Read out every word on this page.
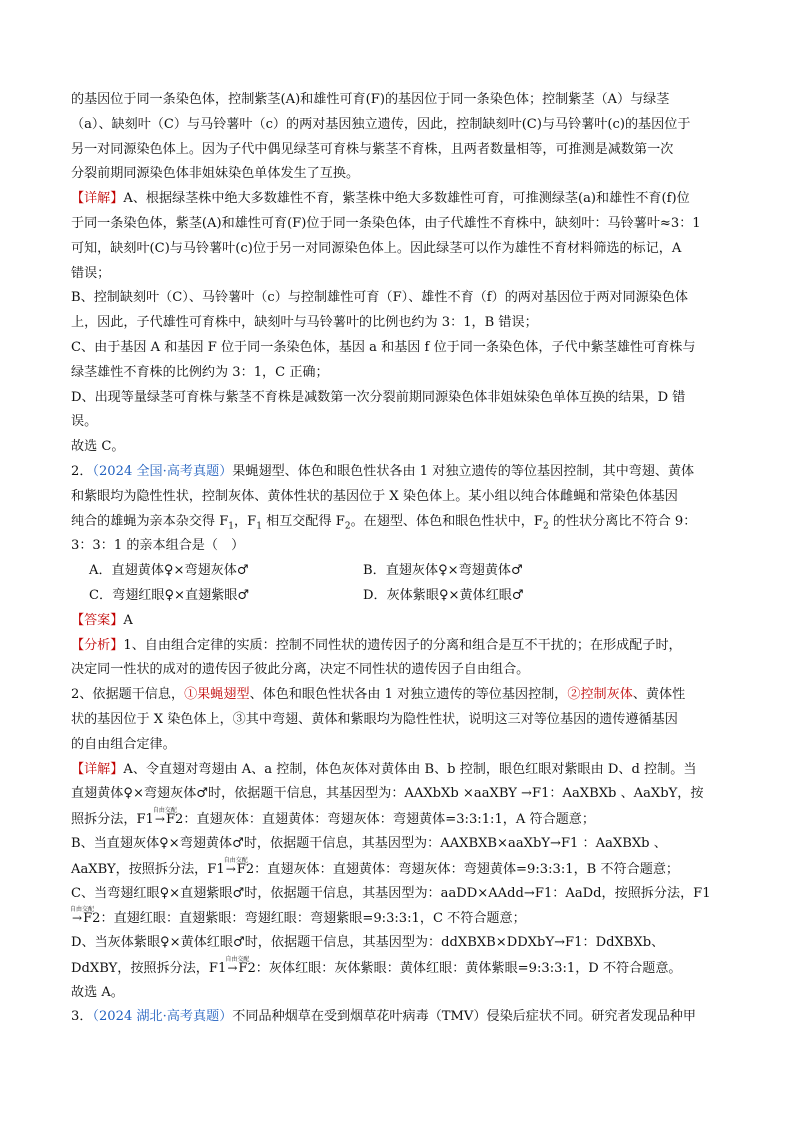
的基因位于同一条染色体，控制紫茎(A)和雄性可育(F)的基因位于同一条染色体；控制紫茎（A）与绿茎
（a）、缺刻叶（C）与马铃薯叶（c）的两对基因独立遗传，因此，控制缺刻叶(C)与马铃薯叶(c)的基因位于
另一对同源染色体上。因为子代中偶见绿茎可育株与紫茎不育株，且两者数量相等，可推测是减数第一次
分裂前期同源染色体非姐妹染色单体发生了互换。
【详解】A、根据绿茎株中绝大多数雄性不育，紫茎株中绝大多数雄性可育，可推测绿茎(a)和雄性不育(f)位
于同一条染色体，紫茎(A)和雄性可育(F)位于同一条染色体，由子代雄性不育株中，缺刻叶：马铃薯叶≈3：1
可知，缺刻叶(C)与马铃薯叶(c)位于另一对同源染色体上。因此绿茎可以作为雄性不育材料筛选的标记，A
错误；
B、控制缺刻叶（C）、马铃薯叶（c）与控制雄性可育（F）、雄性不育（f）的两对基因位于两对同源染色体
上，因此，子代雄性可育株中，缺刻叶与马铃薯叶的比例也约为 3：1，B 错误；
C、由于基因 A 和基因 F 位于同一条染色体，基因 a 和基因 f 位于同一条染色体，子代中紫茎雄性可育株与
绿茎雄性不育株的比例约为 3：1，C 正确；
D、出现等量绿茎可育株与紫茎不育株是减数第一次分裂前期同源染色体非姐妹染色单体互换的结果，D 错
误。
故选 C。
2．（2024 全国·高考真题）果蝇翅型、体色和眼色性状各由 1 对独立遗传的等位基因控制，其中弯翅、黄体
和紫眼均为隐性性状，控制灰体、黄体性状的基因位于 X 染色体上。某小组以纯合体雌蝇和常染色体基因
纯合的雄蝇为亲本杂交得 $F_1$，$F_1$ 相互交配得 $F_2$。在翅型、体色和眼色性状中，$F_2$ 的性状分离比不符合 9：
3：3：1 的亲本组合是（　）
A．直翅黄体♀×弯翅灰体♂	B．直翅灰体♀×弯翅黄体♂
C．弯翅红眼♀×直翅紫眼♂	D．灰体紫眼♀×黄体红眼♂
【答案】A
【分析】1、自由组合定律的实质：控制不同性状的遗传因子的分离和组合是互不干扰的；在形成配子时，
决定同一性状的成对的遗传因子彼此分离，决定不同性状的遗传因子自由组合。
2、依据题干信息，①果蝇翅型、体色和眼色性状各由 1 对独立遗传的等位基因控制，②控制灰体、黄体性
状的基因位于 X 染色体上，③其中弯翅、黄体和紫眼均为隐性性状，说明这三对等位基因的遗传遵循基因
的自由组合定律。
【详解】A、令直翅对弯翅由 A、a 控制，体色灰体对黄体由 B、b 控制，眼色红眼对紫眼由 D、d 控制。当
直翅黄体♀×弯翅灰体♂时，依据题干信息，其基因型为：AAXbXb ×aaXBY →F1：AaXBXb 、AaXbY，按
照拆分法，F1
自由交配
→F2：直翅灰体：直翅黄体：弯翅灰体：弯翅黄体=3:3:1:1，A 符合题意；
B、当直翅灰体♀×弯翅黄体♂时，依据题干信息，其基因型为：AAXBXB×aaXbY→F1 ：AaXBXb 、
AaXBY，按照拆分法，F1
自由交配
→F2：直翅灰体：直翅黄体：弯翅灰体：弯翅黄体=9:3:3:1，B 不符合题意；
C、当弯翅红眼♀×直翅紫眼♂时，依据题干信息，其基因型为：aaDD×AAdd→F1：AaDd，按照拆分法，F1
自由交配
→F2：直翅红眼：直翅紫眼：弯翅红眼：弯翅紫眼=9:3:3:1，C 不符合题意；
D、当灰体紫眼♀×黄体红眼♂时，依据题干信息，其基因型为：ddXBXB×DDXbY→F1：DdXBXb、
DdXBY，按照拆分法，F1
自由交配
→F2：灰体红眼：灰体紫眼：黄体红眼：黄体紫眼=9:3:3:1，D 不符合题意。
故选 A。
3．（2024 湖北·高考真题）不同品种烟草在受到烟草花叶病毒（TMV）侵染后症状不同。研究者发现品种甲
